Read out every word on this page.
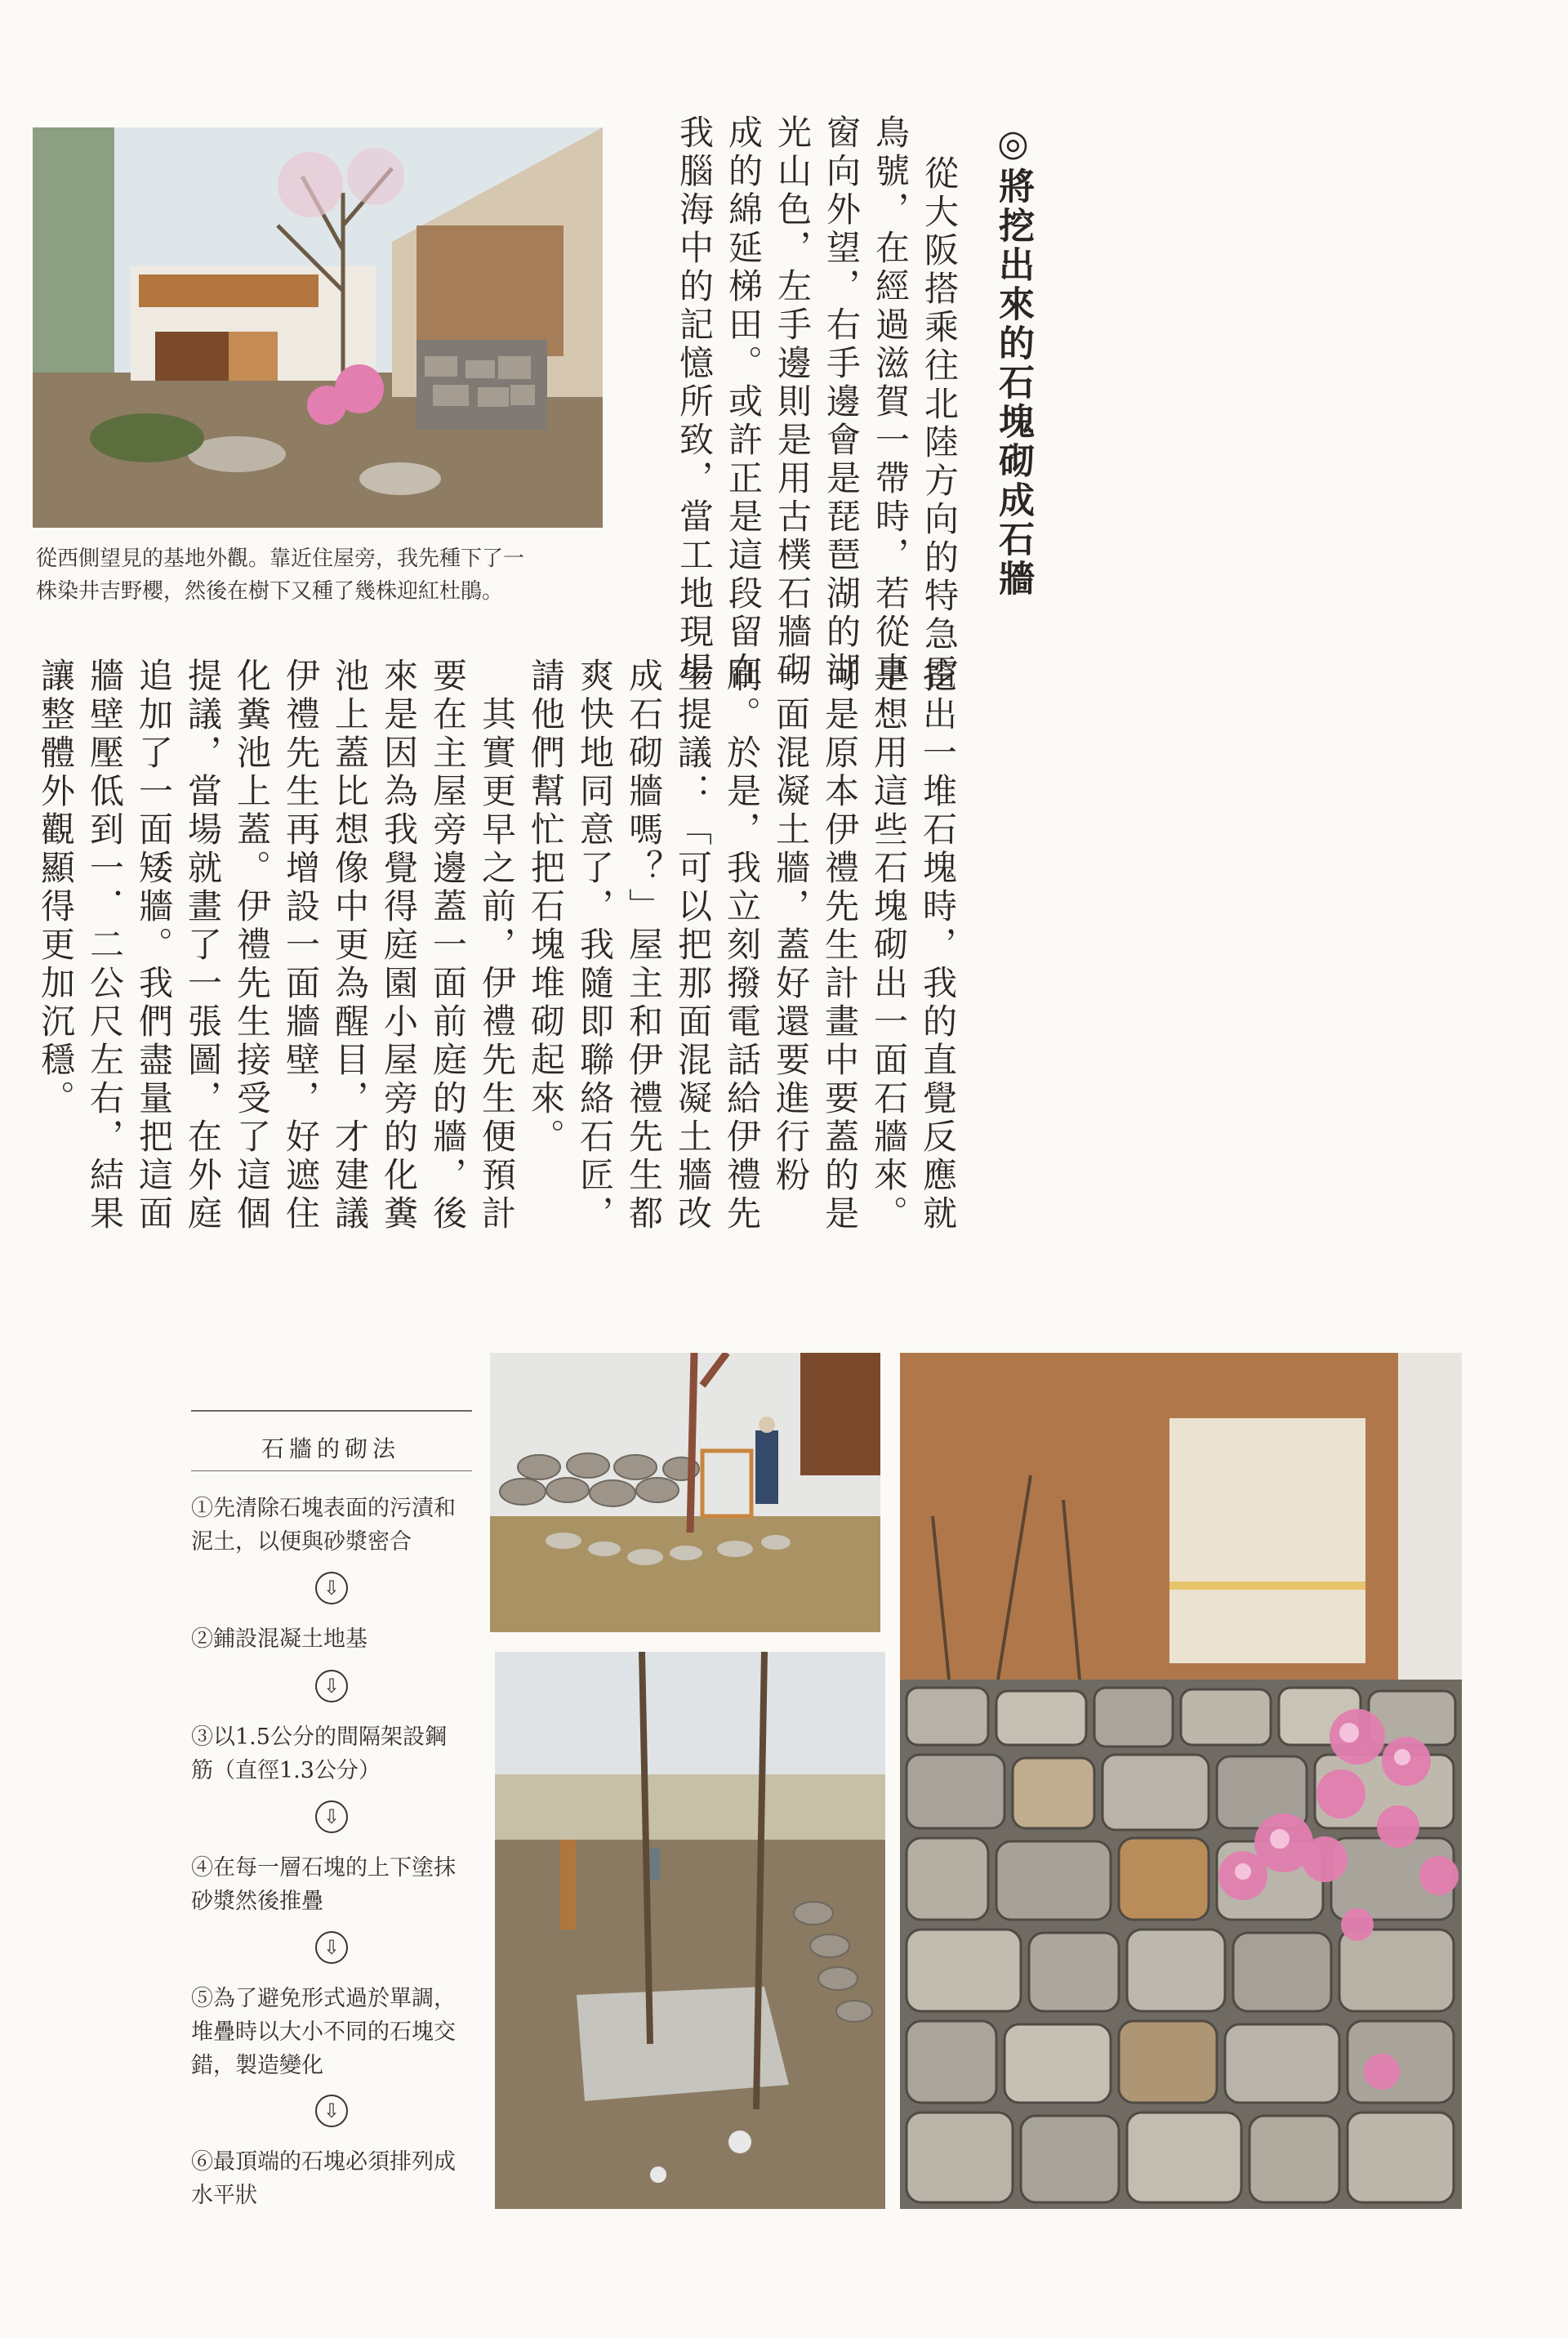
從西側望見的基地外觀。靠近住屋旁，我先種下了一
株染井吉野櫻，然後在樹下又種了幾株迎紅杜鵑。	◎將挖出來的石塊砌成石牆
從大阪搭乘往北陸方向的特急雷
鳥號，在經過滋賀一帶時，若從車
窗向外望，右手邊會是琵琶湖的湖
光山色，左手邊則是用古樸石牆砌
成的綿延梯田。或許正是這段留在
我腦海中的記憶所致，當工地現場
挖出一堆石塊時，我的直覺反應就
是想用這些石塊砌出一面石牆來。
可是原本伊禮先生計畫中要蓋的是
一面混凝土牆，蓋好還要進行粉
刷。於是，我立刻撥電話給伊禮先
生提議：「可以把那面混凝土牆改
成石砌牆嗎？」屋主和伊禮先生都
爽快地同意了，我隨即聯絡石匠，
請他們幫忙把石塊堆砌起來。
　其實更早之前，伊禮先生便預計
要在主屋旁邊蓋一面前庭的牆，後
來是因為我覺得庭園小屋旁的化糞
池上蓋比想像中更為醒目，才建議
伊禮先生再增設一面牆壁，好遮住
化糞池上蓋。伊禮先生接受了這個
提議，當場就畫了一張圖，在外庭
追加了一面矮牆。我們盡量把這面
牆壁壓低到一．二公尺左右，結果
讓整體外觀顯得更加沉穩。
石牆的砌法
①先清除石塊表面的污漬和
泥土，以便與砂漿密合
⇩
②鋪設混凝土地基
⇩
③以1.5公分的間隔架設鋼
筋（直徑1.3公分）
⇩
④在每一層石塊的上下塗抹
砂漿然後推疊
⇩
⑤為了避免形式過於單調，
堆疊時以大小不同的石塊交
錯，製造變化
⇩
⑥最頂端的石塊必須排列成
水平狀
